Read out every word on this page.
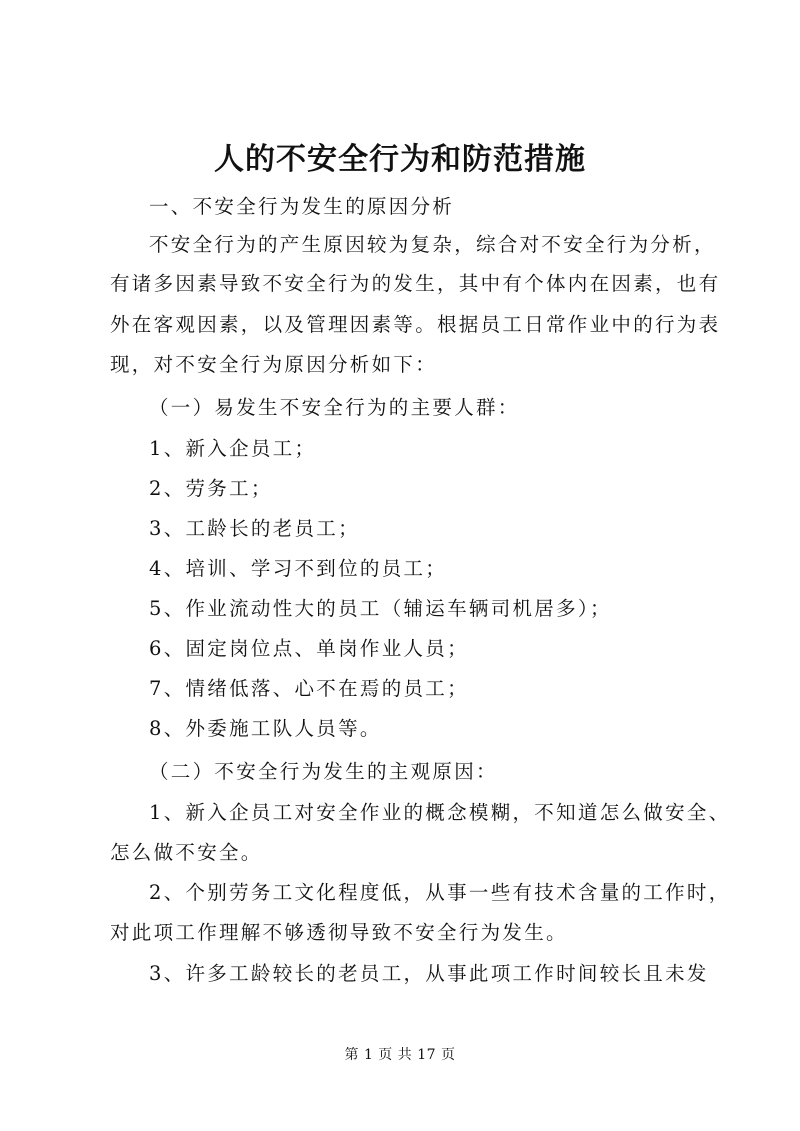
人的不安全行为和防范措施
一、不安全行为发生的原因分析
不安全行为的产生原因较为复杂，综合对不安全行为分析，
有诸多因素导致不安全行为的发生，其中有个体内在因素，也有
外在客观因素，以及管理因素等。根据员工日常作业中的行为表
现，对不安全行为原因分析如下：
（一）易发生不安全行为的主要人群：
1、新入企员工；
2、劳务工；
3、工龄长的老员工；
4、培训、学习不到位的员工；
5、作业流动性大的员工（辅运车辆司机居多）；
6、固定岗位点、单岗作业人员；
7、情绪低落、心不在焉的员工；
8、外委施工队人员等。
（二）不安全行为发生的主观原因：
1、新入企员工对安全作业的概念模糊，不知道怎么做安全、
怎么做不安全。
2、个别劳务工文化程度低，从事一些有技术含量的工作时，
对此项工作理解不够透彻导致不安全行为发生。
3、许多工龄较长的老员工，从事此项工作时间较长且未发
第 1 页 共 17 页
